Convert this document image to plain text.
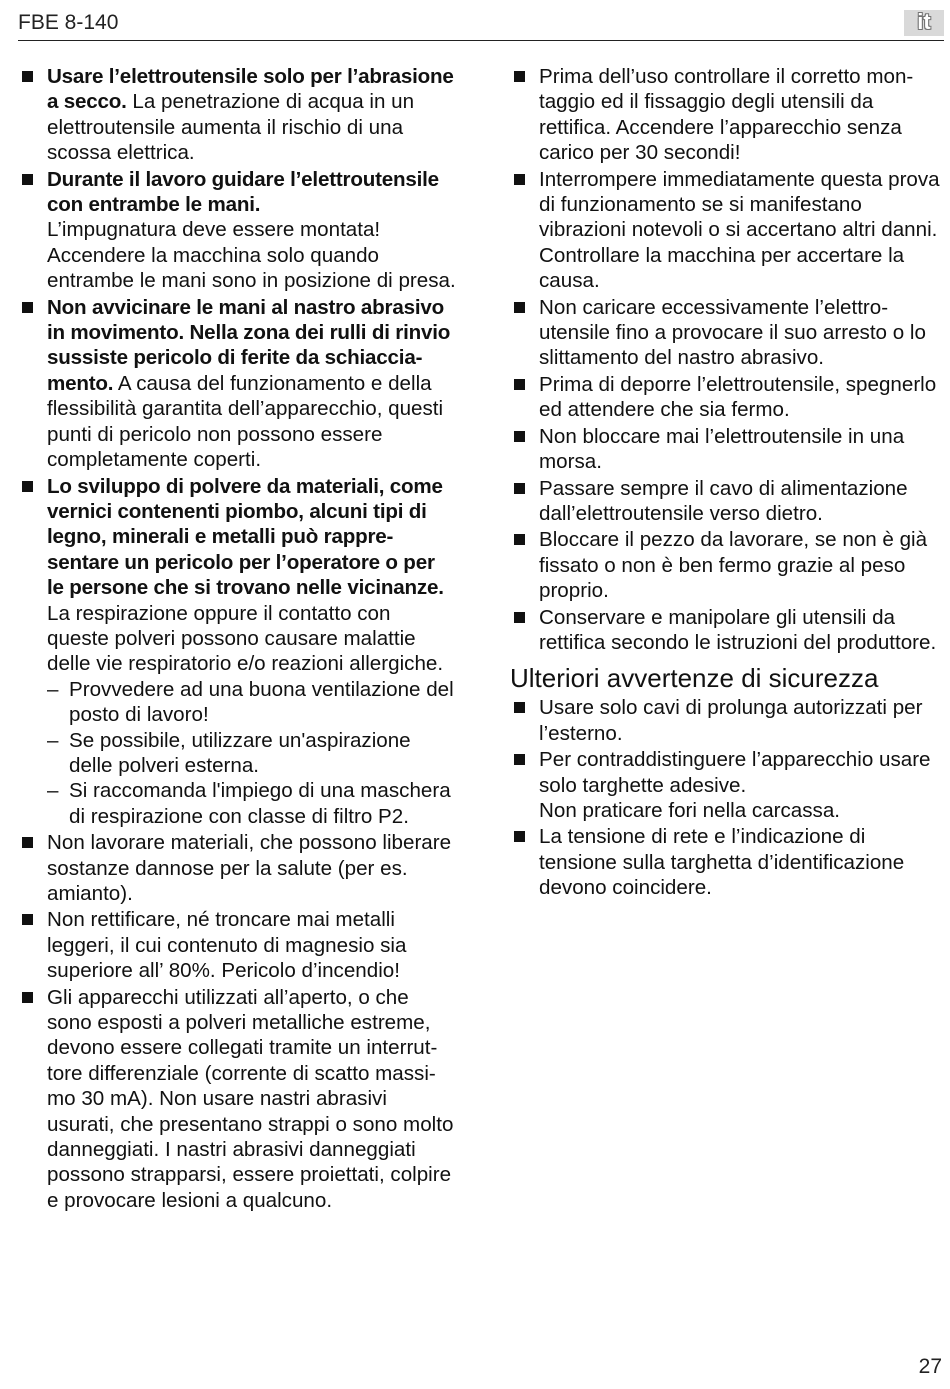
FBE 8-140	it

Usare l’elettroutensile solo per l’abrasione a secco. La penetrazione di acqua in un elettroutensile aumenta il rischio di una scossa elettrica.

Durante il lavoro guidare l’elettroutensile con entrambe le mani.

L’impugnatura deve essere montata! Accendere la macchina solo quando entrambe le mani sono in posizione di presa.

Non avvicinare le mani al nastro abrasivo in movimento. Nella zona dei rulli di rinvio sussiste pericolo di ferite da schiacciamento. A causa del funzionamento e della flessibilità garantita dell’apparecchio, questi punti di pericolo non possono essere completamente coperti.

Lo sviluppo di polvere da materiali, come vernici contenenti piombo, alcuni tipi di legno, minerali e metalli può rappresentare un pericolo per l’operatore o per le persone che si trovano nelle vicinanze. La respirazione oppure il contatto con queste polveri possono causare malattie delle vie respiratorio e/o reazioni allergiche.

– Provvedere ad una buona ventilazione del posto di lavoro!
– Se possibile, utilizzare un'aspirazione delle polveri esterna.
– Si raccomanda l'impiego di una maschera di respirazione con classe di filtro P2.

Non lavorare materiali, che possono liberare sostanze dannose per la salute (per es. amianto).

Non rettificare, né troncare mai metalli leggeri, il cui contenuto di magnesio sia superiore all’ 80%. Pericolo d’incendio!

Gli apparecchi utilizzati all’aperto, o che sono esposti a polveri metalliche estreme, devono essere collegati tramite un interruttore differenziale (corrente di scatto massimo 30 mA). Non usare nastri abrasivi usurati, che presentano strappi o sono molto danneggiati. I nastri abrasivi danneggiati possono strapparsi, essere proiettati, colpire e provocare lesioni a qualcuno.

Prima dell’uso controllare il corretto montaggio ed il fissaggio degli utensili da rettifica. Accendere l’apparecchio senza carico per 30 secondi!

Interrompere immediatamente questa prova di funzionamento se si manifestano vibrazioni notevoli o si accertano altri danni. Controllare la macchina per accertare la causa.

Non caricare eccessivamente l’elettroutensile fino a provocare il suo arresto o lo slittamento del nastro abrasivo.

Prima di deporre l’elettroutensile, spegnerlo ed attendere che sia fermo.

Non bloccare mai l’elettroutensile in una morsa.

Passare sempre il cavo di alimentazione dall’elettroutensile verso dietro.

Bloccare il pezzo da lavorare, se non è già fissato o non è ben fermo grazie al peso proprio.

Conservare e manipolare gli utensili da rettifica secondo le istruzioni del produttore.

Ulteriori avvertenze di sicurezza

Usare solo cavi di prolunga autorizzati per l’esterno.

Per contraddistinguere l’apparecchio usare solo targhette adesive.

Non praticare fori nella carcassa.

La tensione di rete e l’indicazione di tensione sulla targhetta d’identificazione devono coincidere.

27
